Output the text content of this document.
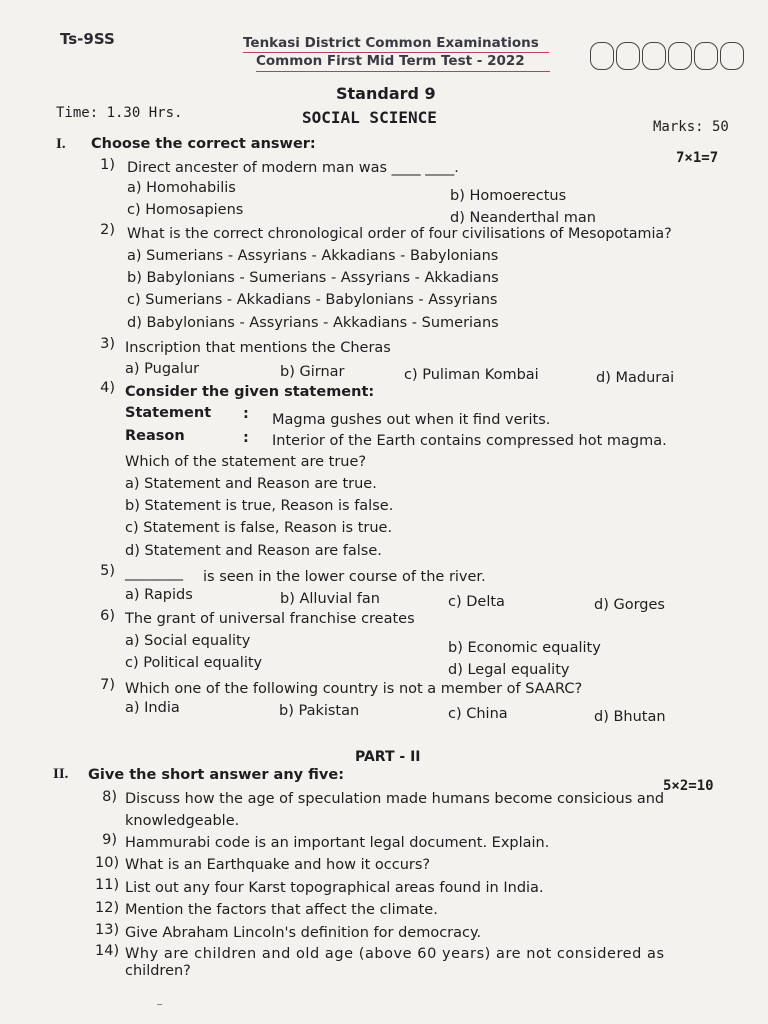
Ts-9SS	Tenkasi District Common Examinations
Common First Mid Term Test - 2022
Standard 9
Time: 1.30 Hrs.	SOCIAL SCIENCE	Marks: 50
I. Choose the correct answer:
7×1=7
1) Direct ancester of modern man was ____ ____.
a) Homohabilis	b) Homoerectus
c) Homosapiens	d) Neanderthal man
2) What is the correct chronological order of four civilisations of Mesopotamia?
a) Sumerians - Assyrians - Akkadians - Babylonians
b) Babylonians - Sumerians - Assyrians - Akkadians
c) Sumerians - Akkadians - Babylonians - Assyrians
d) Babylonians - Assyrians - Akkadians - Sumerians
3) Inscription that mentions the Cheras
a) Pugalur	b) Girnar	c) Puliman Kombai	d) Madurai
4) Consider the given statement:
Statement : Magma gushes out when it find verits.
Reason	: Interior of the Earth contains compressed hot magma.
Which of the statement are true?
a) Statement and Reason are true.
b) Statement is true, Reason is false.
c) Statement is false, Reason is true.
d) Statement and Reason are false.
5) ________ is seen in the lower course of the river.
a) Rapids	b) Alluvial fan	c) Delta	d) Gorges
6) The grant of universal franchise creates
a) Social equality	b) Economic equality
c) Political equality	d) Legal equality
7) Which one of the following country is not a member of SAARC?
a) India	b) Pakistan	c) China	d) Bhutan
PART - II
II. Give the short answer any five:
5×2=10
8) Discuss how the age of speculation made humans become consicious and
knowledgeable.
9) Hammurabi code is an important legal document. Explain.
10) What is an Earthquake and how it occurs?
11) List out any four Karst topographical areas found in India.
12) Mention the factors that affect the climate.
13) Give Abraham Lincoln's definition for democracy.
14) Why are children and old age (above 60 years) are not considered as
children?
